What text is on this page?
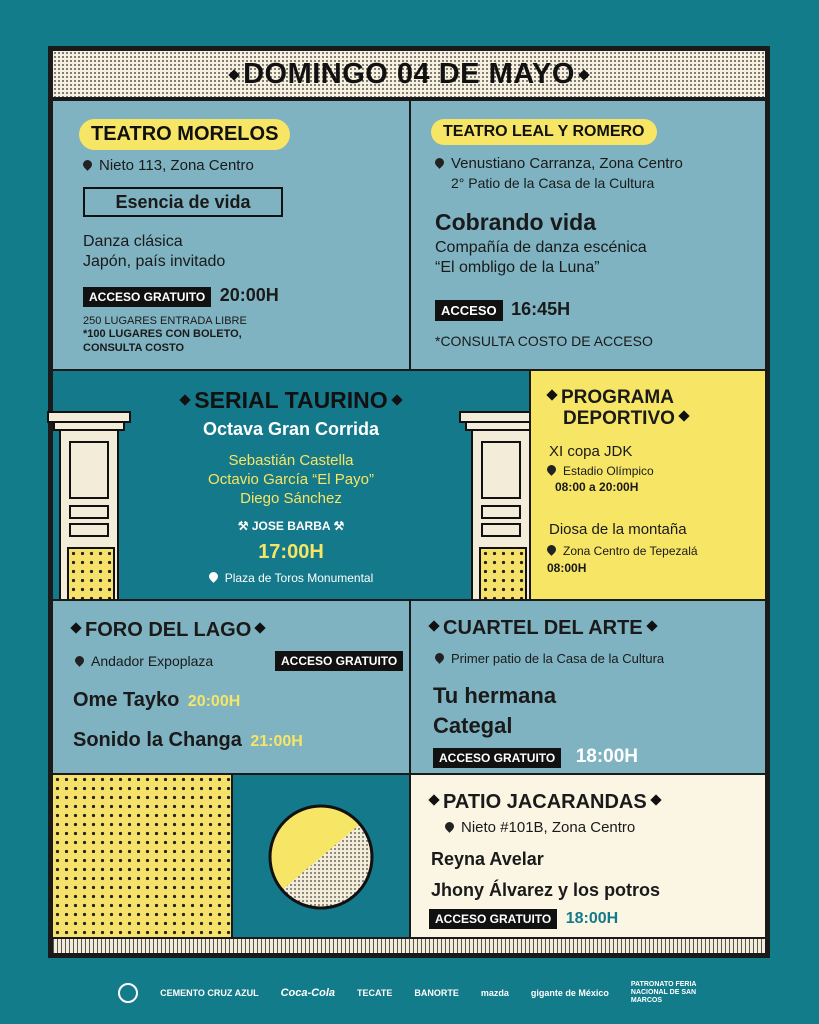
DOMINGO 04 DE MAYO
TEATRO MORELOS
Nieto 113, Zona Centro
Esencia de vida
Danza clásica
Japón, país invitado
ACCESO GRATUITO 20:00H
250 LUGARES ENTRADA LIBRE
*100 LUGARES CON BOLETO,
CONSULTA COSTO
TEATRO LEAL Y ROMERO
Venustiano Carranza, Zona Centro
2° Patio de la Casa de la Cultura
Cobrando vida
Compañía de danza escénica
“El ombligo de la Luna”
ACCESO 16:45H
*CONSULTA COSTO DE ACCESO
SERIAL TAURINO
Octava Gran Corrida
Sebastián Castella
Octavio García “El Payo”
Diego Sánchez
⚒ JOSE BARBA ⚒
17:00H
Plaza de Toros Monumental
PROGRAMA
DEPORTIVO
XI copa JDK
Estadio Olímpico
08:00 a 20:00H
Diosa de la montaña
Zona Centro de Tepezalá
08:00H
FORO DEL LAGO
Andador Expoplaza	ACCESO GRATUITO
Ome Tayko 20:00H
Sonido la Changa 21:00H
CUARTEL DEL ARTE
Primer patio de la Casa de la Cultura
Tu hermana
Categal
ACCESO GRATUITO 18:00H
PATIO JACARANDAS
Nieto #101B, Zona Centro
Reyna Avelar
Jhony Álvarez y los potros
ACCESO GRATUITO 18:00H
CEMENTO CRUZ AZUL Coca-Cola TECATE BANORTE mazda gigante de México
PATRONATO FERIA NACIONAL DE SAN MARCOS
